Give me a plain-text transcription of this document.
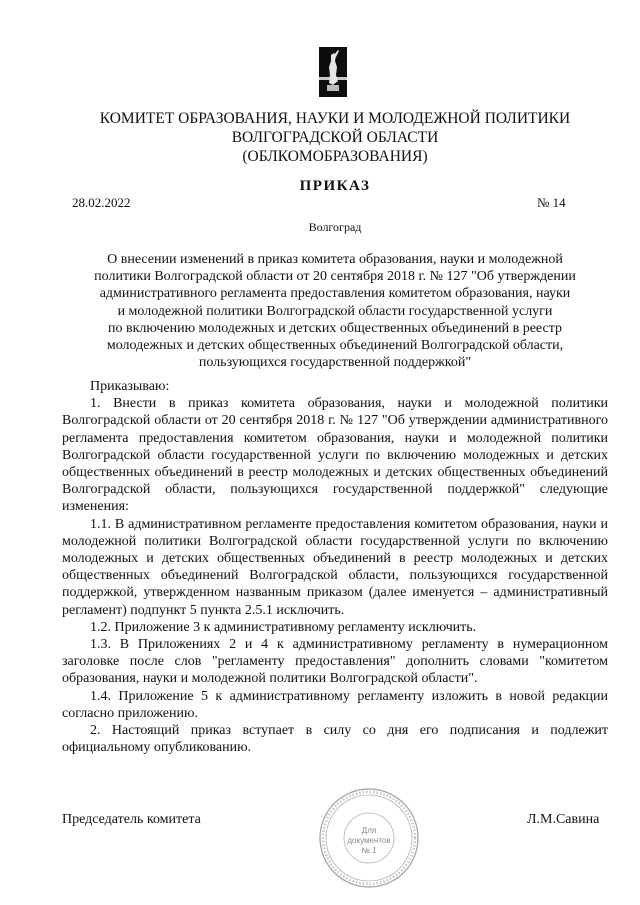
КОМИТЕТ ОБРАЗОВАНИЯ, НАУКИ И МОЛОДЕЖНОЙ ПОЛИТИКИ
ВОЛГОГРАДСКОЙ ОБЛАСТИ
(ОБЛКОМОБРАЗОВАНИЯ)
ПРИКАЗ
28.02.2022	№ 14
Волгоград
О внесении изменений в приказ комитета образования, науки и молодежной
политики Волгоградской области от 20 сентября 2018 г. № 127 "Об утверждении
административного регламента предоставления комитетом образования, науки
и молодежной политики Волгоградской области государственной услуги
по включению молодежных и детских общественных объединений в реестр
молодежных и детских общественных объединений Волгоградской области,
пользующихся государственной поддержкой"

Приказываю:

1. Внести в приказ комитета образования, науки и молодежной политики Волгоградской области от 20 сентября 2018 г. № 127 "Об утверждении административного регламента предоставления комитетом образования, науки и молодежной политики Волгоградской области государственной услуги по включению молодежных и детских общественных объединений в реестр молодежных и детских общественных объединений Волгоградской области, пользующихся государственной поддержкой" следующие изменения:

1.1. В административном регламенте предоставления комитетом образования, науки и молодежной политики Волгоградской области государственной услуги по включению молодежных и детских общественных объединений в реестр молодежных и детских общественных объединений Волгоградской области, пользующихся государственной поддержкой, утвержденном названным приказом (далее именуется – административный регламент) подпункт 5 пункта 2.5.1 исключить.

1.2. Приложение 3 к административному регламенту исключить.

1.3. В Приложениях 2 и 4 к административному регламенту в нумерационном заголовке после слов "регламенту предоставления" дополнить словами "комитетом образования, науки и молодежной политики Волгоградской области".

1.4. Приложение 5 к административному регламенту изложить в новой редакции согласно приложению.

2. Настоящий приказ вступает в силу со дня его подписания и подлежит официальному опубликованию.

Председатель комитета	Л.М.Савина
Для
документов
№ 1
